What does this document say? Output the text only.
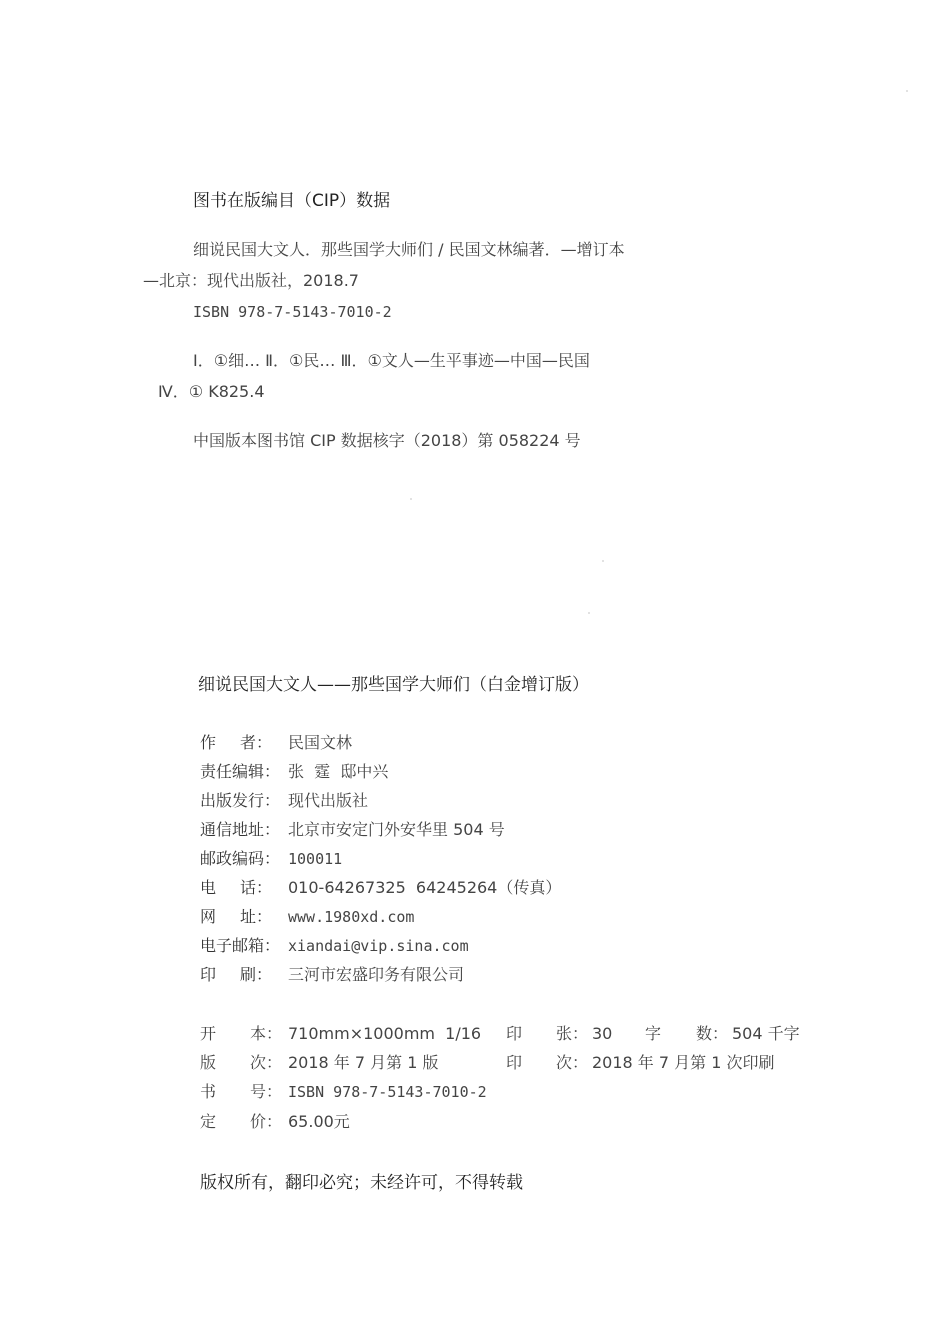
图书在版编目（CIP）数据
细说民国大文人．那些国学大师们 / 民国文林编著．—增订本
—北京：现代出版社，2018.7
ISBN 978-7-5143-7010-2
Ⅰ．①细… Ⅱ．①民… Ⅲ．①文人—生平事迹—中国—民国
Ⅳ．① K825.4
中国版本图书馆 CIP 数据核字（2018）第 058224 号
细说民国大文人——那些国学大师们（白金增订版）
作 者： 民国文林
责任编辑： 张  霆  邸中兴
出版发行： 现代出版社
通信地址： 北京市安定门外安华里 504 号
邮政编码： 100011
电 话： 010-64267325  64245264（传真）
网 址：	www.1980xd.com
电子邮箱： xiandai@vip.sina.com
印 刷： 三河市宏盛印务有限公司
开 本： 710mm×1000mm  1/16 印 张： 30 字 数： 504 千字
版 次： 2018 年 7 月第 1 版	印 次： 2018 年 7 月第 1 次印刷
书 号： ISBN 978-7-5143-7010-2
定 价： 65.00元
版权所有，翻印必究；未经许可，不得转载
